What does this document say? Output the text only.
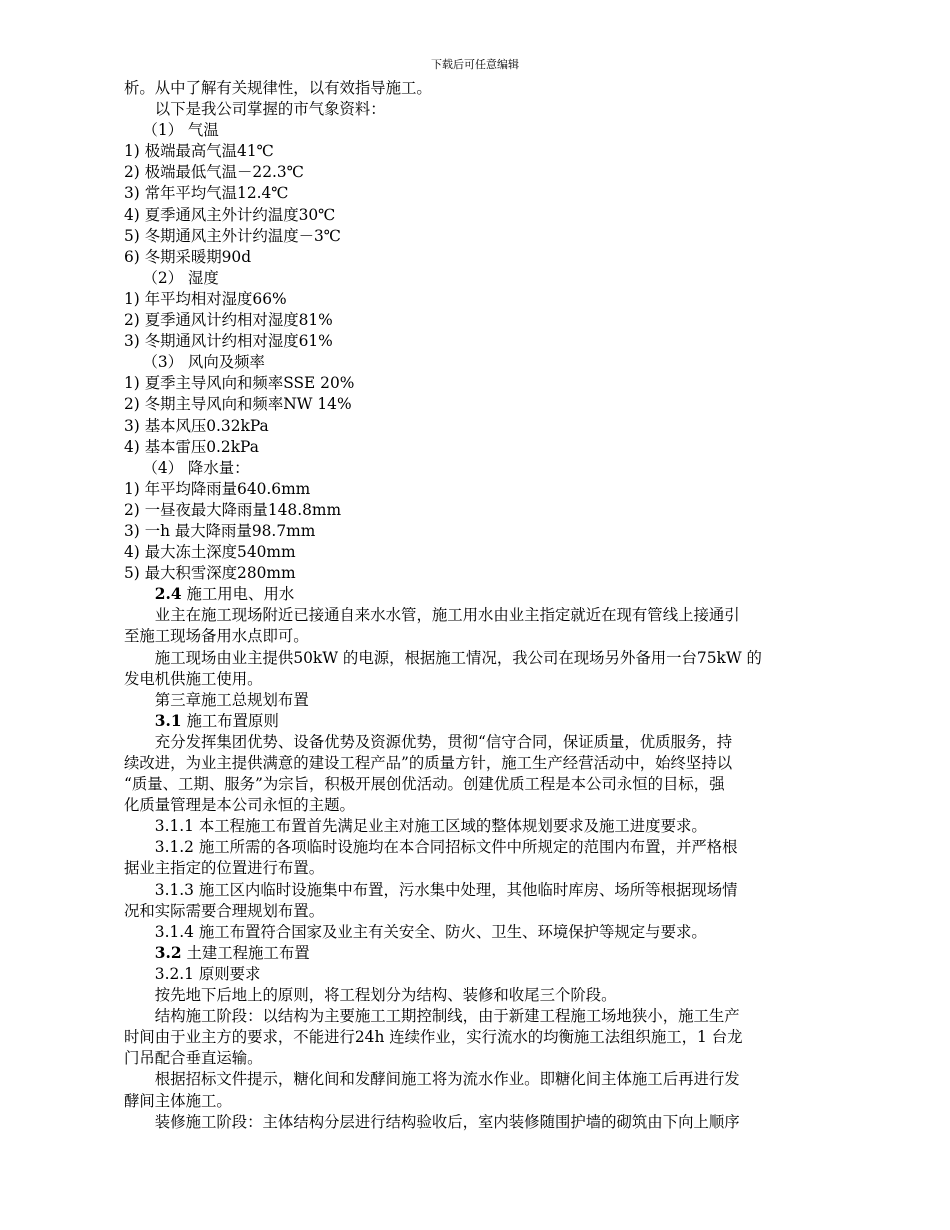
下载后可任意编辑

析。从中了解有关规律性，以有效指导施工。

以下是我公司掌握的市气象资料：

（1） 气温

1) 极端最高气温41℃

2) 极端最低气温－22.3℃

3) 常年平均气温12.4℃

4) 夏季通风主外计约温度30℃

5) 冬期通风主外计约温度－3℃

6) 冬期采暖期90d

（2） 湿度

1) 年平均相对湿度66%

2) 夏季通风计约相对湿度81%

3) 冬期通风计约相对湿度61%

（3） 风向及频率

1) 夏季主导风向和频率SSE 20%

2) 冬期主导风向和频率NW 14%

3) 基本风压0.32kPa

4) 基本雷压0.2kPa

（4） 降水量：

1) 年平均降雨量640.6mm

2) 一昼夜最大降雨量148.8mm

3) 一h 最大降雨量98.7mm

4) 最大冻土深度540mm

5) 最大积雪深度280mm

2.4 施工用电、用水

业主在施工现场附近已接通自来水水管，施工用水由业主指定就近在现有管线上接通引

至施工现场备用水点即可。

施工现场由业主提供50kW 的电源，根据施工情况，我公司在现场另外备用一台75kW 的

发电机供施工使用。

第三章施工总规划布置

3.1 施工布置原则

充分发挥集团优势、设备优势及资源优势，贯彻“信守合同，保证质量，优质服务，持

续改进，为业主提供满意的建设工程产品”的质量方针，施工生产经营活动中，始终坚持以

“质量、工期、服务”为宗旨，积极开展创优活动。创建优质工程是本公司永恒的目标，强

化质量管理是本公司永恒的主题。

3.1.1 本工程施工布置首先满足业主对施工区域的整体规划要求及施工进度要求。

3.1.2 施工所需的各项临时设施均在本合同招标文件中所规定的范围内布置，并严格根

据业主指定的位置进行布置。

3.1.3 施工区内临时设施集中布置，污水集中处理，其他临时库房、场所等根据现场情

况和实际需要合理规划布置。

3.1.4 施工布置符合国家及业主有关安全、防火、卫生、环境保护等规定与要求。

3.2 土建工程施工布置

3.2.1 原则要求

按先地下后地上的原则，将工程划分为结构、装修和收尾三个阶段。

结构施工阶段：以结构为主要施工工期控制线，由于新建工程施工场地狭小，施工生产

时间由于业主方的要求，不能进行24h 连续作业，实行流水的均衡施工法组织施工，1 台龙

门吊配合垂直运输。

根据招标文件提示，糖化间和发酵间施工将为流水作业。即糖化间主体施工后再进行发

酵间主体施工。

装修施工阶段：主体结构分层进行结构验收后，室内装修随围护墙的砌筑由下向上顺序
